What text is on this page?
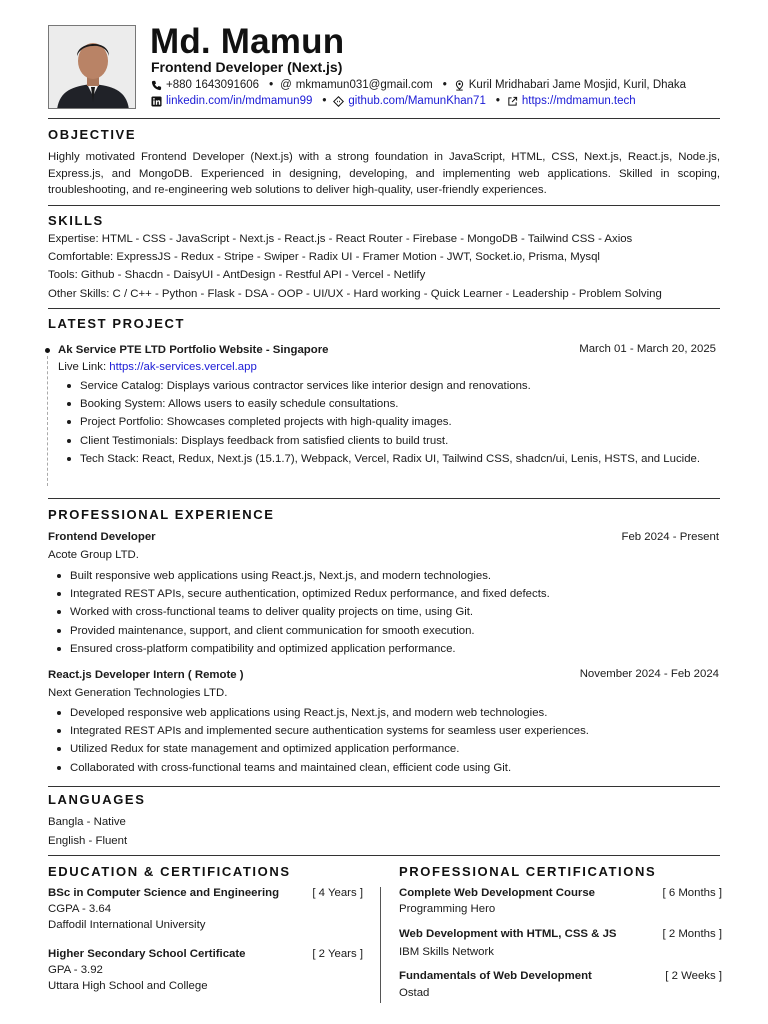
Md. Mamun
Frontend Developer (Next.js)
+880 1643091606 • @ mkmamun031@gmail.com • Kuril Mridhabari Jame Mosjid, Kuril, Dhaka
linkedin.com/in/mdmamun99 • github.com/MamunKhan71 • https://mdmamun.tech
OBJECTIVE
Highly motivated Frontend Developer (Next.js) with a strong foundation in JavaScript, HTML, CSS, Next.js, React.js, Node.js, Express.js, and MongoDB. Experienced in designing, developing, and implementing web applications. Skilled in scoping, troubleshooting, and re-engineering web solutions to deliver high-quality, user-friendly experiences.
SKILLS
Expertise: HTML - CSS - JavaScript - Next.js - React.js - React Router - Firebase - MongoDB - Tailwind CSS - Axios
Comfortable: ExpressJS - Redux - Stripe - Swiper - Radix UI - Framer Motion - JWT, Socket.io, Prisma, Mysql
Tools: Github - Shacdn - DaisyUI - AntDesign - Restful API - Vercel - Netlify
Other Skills: C / C++ - Python - Flask - DSA - OOP - UI/UX - Hard working - Quick Learner - Leadership - Problem Solving
LATEST PROJECT
Ak Service PTE LTD Portfolio Website - Singapore	March 01 - March 20, 2025
Live Link: https://ak-services.vercel.app
Service Catalog: Displays various contractor services like interior design and renovations.
Booking System: Allows users to easily schedule consultations.
Project Portfolio: Showcases completed projects with high-quality images.
Client Testimonials: Displays feedback from satisfied clients to build trust.
Tech Stack: React, Redux, Next.js (15.1.7), Webpack, Vercel, Radix UI, Tailwind CSS, shadcn/ui, Lenis, HSTS, and Lucide.
PROFESSIONAL EXPERIENCE
Frontend Developer	Feb 2024 - Present
Acote Group LTD.
Built responsive web applications using React.js, Next.js, and modern technologies.
Integrated REST APIs, secure authentication, optimized Redux performance, and fixed defects.
Worked with cross-functional teams to deliver quality projects on time, using Git.
Provided maintenance, support, and client communication for smooth execution.
Ensured cross-platform compatibility and optimized application performance.
React.js Developer Intern ( Remote )	November 2024 - Feb 2024
Next Generation Technologies LTD.
Developed responsive web applications using React.js, Next.js, and modern web technologies.
Integrated REST APIs and implemented secure authentication systems for seamless user experiences.
Utilized Redux for state management and optimized application performance.
Collaborated with cross-functional teams and maintained clean, efficient code using Git.
LANGUAGES
Bangla - Native
English - Fluent
EDUCATION & CERTIFICATIONS
BSc in Computer Science and Engineering	[ 4 Years ]
CGPA - 3.64
Daffodil International University
Higher Secondary School Certificate	[ 2 Years ]
GPA - 3.92
Uttara High School and College
PROFESSIONAL CERTIFICATIONS
Complete Web Development Course	[ 6 Months ]
Programming Hero
Web Development with HTML, CSS & JS	[ 2 Months ]
IBM Skills Network
Fundamentals of Web Development	[ 2 Weeks ]
Ostad
